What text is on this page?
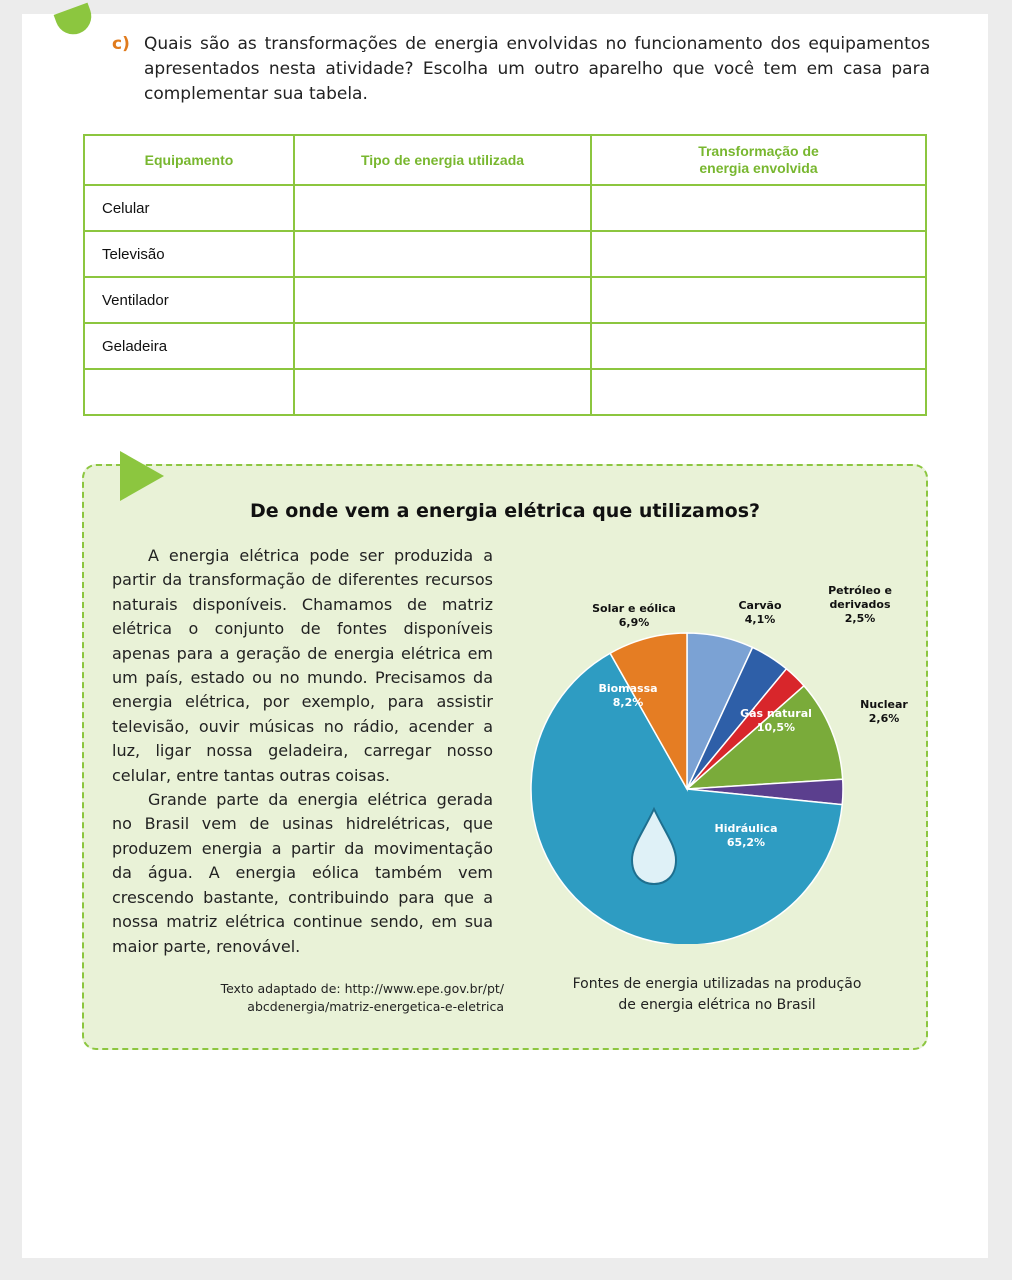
c) Quais são as transformações de energia envolvidas no funcionamento dos equipamentos apresentados nesta atividade? Escolha um outro aparelho que você tem em casa para complementar sua tabela.
Equipamento	Tipo de energia utilizada	Transformação de energia envolvida

Celular		
Televisão		
Ventilador		
Geladeira		

De onde vem a energia elétrica que utilizamos?

A energia elétrica pode ser produzida a partir da transformação de diferentes recursos naturais disponíveis. Chamamos de matriz elétrica o conjunto de fontes disponíveis apenas para a geração de energia elétrica em um país, estado ou no mundo. Precisamos da energia elétrica, por exemplo, para assistir televisão, ouvir músicas no rádio, acender a luz, ligar nossa geladeira, carregar nosso celular, entre tantas outras coisas.

Grande parte da energia elétrica gerada no Brasil vem de usinas hidrelétricas, que produzem energia a partir da movimentação da água. A energia eólica também vem crescendo bastante, contribuindo para que a nossa matriz elétrica continue sendo, em sua maior parte, renovável.

Texto adaptado de: http://www.epe.gov.br/pt/
abcdenergia/matriz-energetica-e-eletrica
Solar e eólica
6,9%
Carvão
4,1%
Petróleo e
derivados
2,5%
Gás natural
10,5%
Nuclear
2,6%
Hidráulica
65,2%
Biomassa
8,2%
Fontes de energia utilizadas na produção
de energia elétrica no Brasil
